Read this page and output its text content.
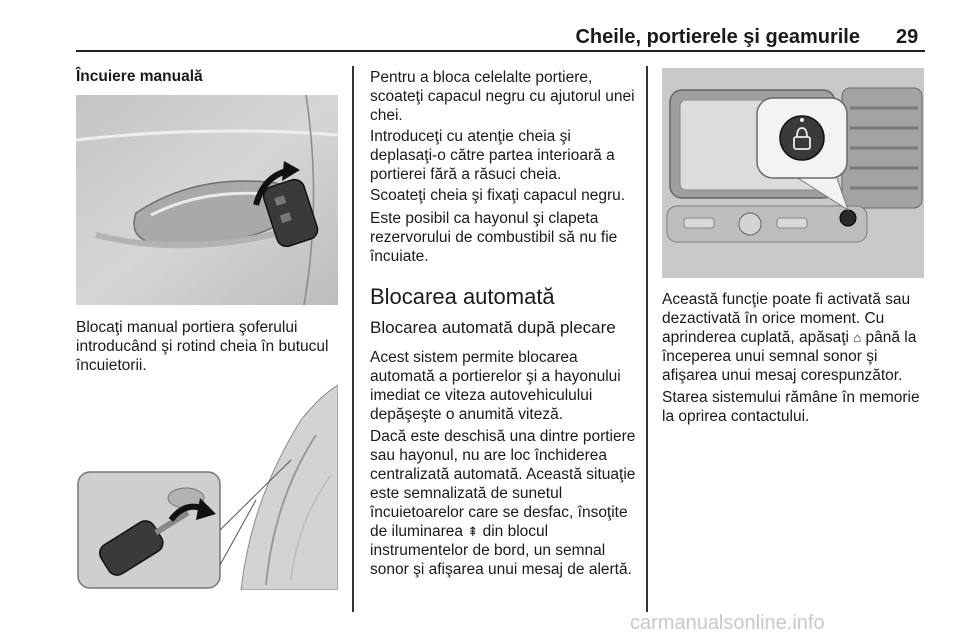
Cheile, portierele şi geamurile 29
Încuiere manuală
Blocaţi manual portiera şoferului introducând şi rotind cheia în butucul încuietorii.
Pentru a bloca celelalte portiere, scoateţi capacul negru cu ajutorul unei chei.
Introduceţi cu atenţie cheia şi deplasaţi-o către partea interioară a portierei fără a răsuci cheia.
Scoateţi cheia şi fixaţi capacul negru.
Este posibil ca hayonul şi clapeta rezervorului de combustibil să nu fie încuiate.
Blocarea automată
Blocarea automată după plecare
Acest sistem permite blocarea automată a portierelor şi a hayonului imediat ce viteza autovehiculului depăşeşte o anumită viteză.
Dacă este deschisă una dintre portiere sau hayonul, nu are loc închiderea centralizată automată. Această situaţie este semnalizată de sunetul încuietoarelor care se desfac, însoţite de iluminarea ⇞ din blocul instrumentelor de bord, un semnal sonor şi afişarea unui mesaj de alertă.
Această funcţie poate fi activată sau dezactivată în orice moment. Cu aprinderea cuplată, apăsaţi ⌂ până la începerea unui semnal sonor şi afişarea unui mesaj corespunzător.
Starea sistemului rămâne în memorie la oprirea contactului.
carmanualsonline.info
